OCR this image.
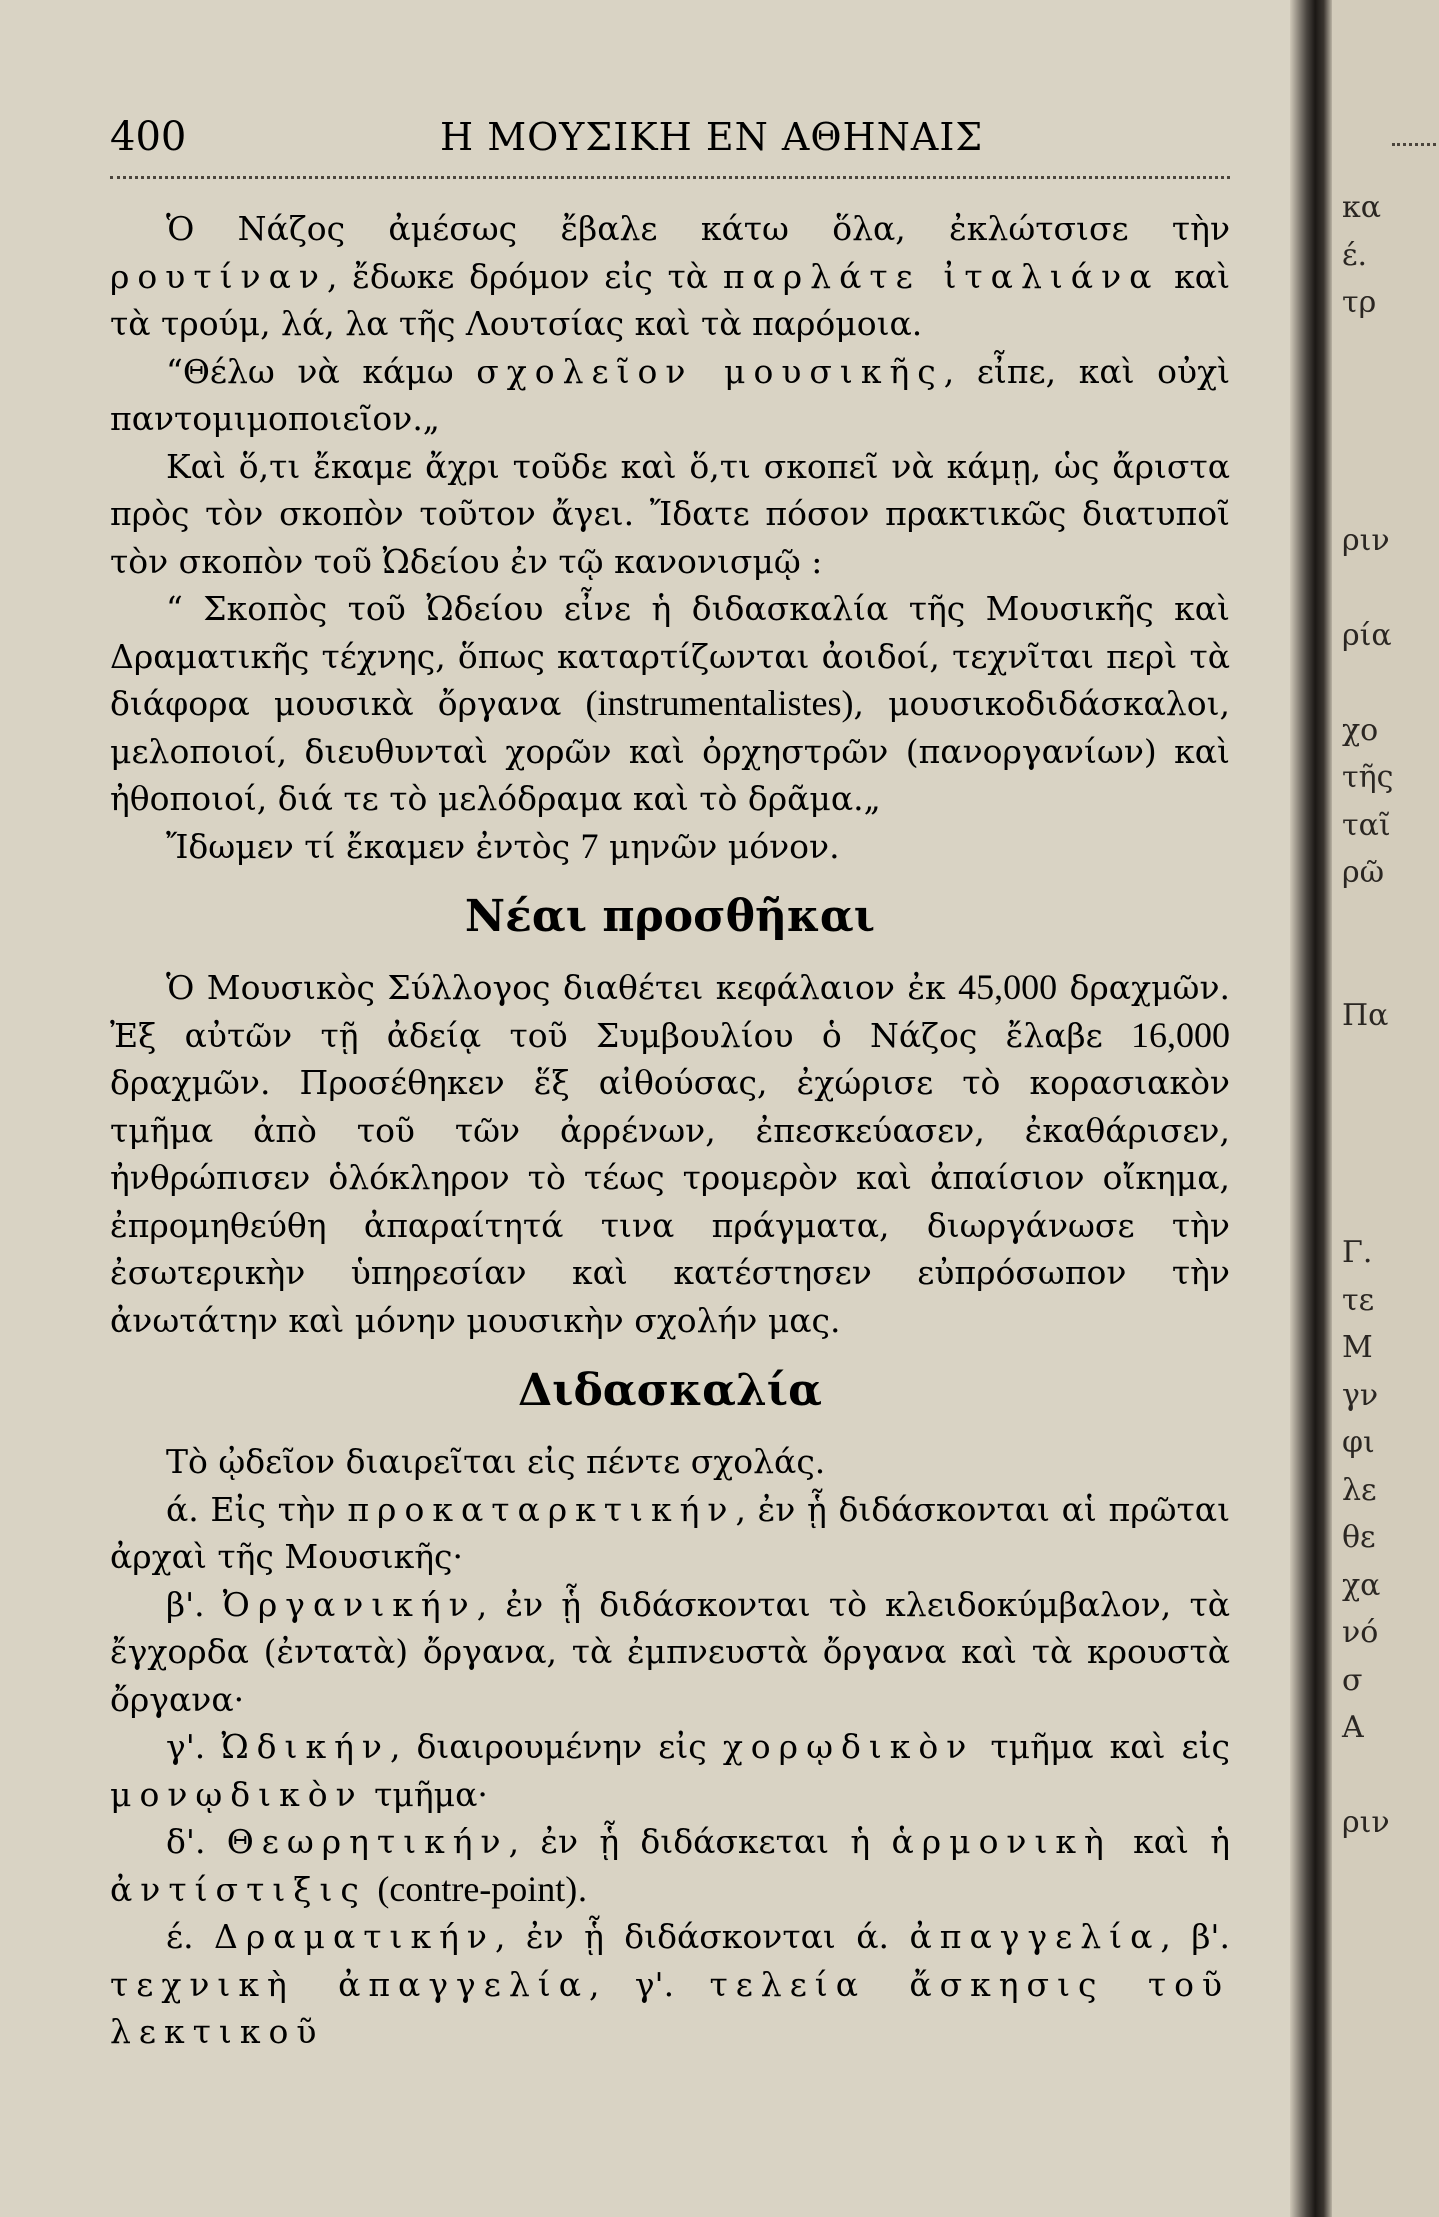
400	Η ΜΟΥΣΙΚΗ ΕΝ ΑΘΗΝΑΙΣ

Ὁ Νάζος ἀμέσως ἔβαλε κάτω ὅλα, ἐκλώτσισε τὴν ρουτίναν, ἔδωκε δρόμον εἰς τὰ παρλάτε ἰταλιάνα καὶ τὰ τρούμ, λά, λα τῆς Λουτσίας καὶ τὰ παρόμοια.

“Θέλω νὰ κάμω σχολεῖον μουσικῆς, εἶπε, καὶ οὐχὶ παντομιμοποιεῖον.„

Καὶ ὅ,τι ἔκαμε ἄχρι τοῦδε καὶ ὅ,τι σκοπεῖ νὰ κάμῃ, ὡς ἄριστα πρὸς τὸν σκοπὸν τοῦτον ἄγει. Ἴδατε πόσον πρακτικῶς διατυποῖ τὸν σκοπὸν τοῦ Ὠδείου ἐν τῷ κανονισμῷ :

“ Σκοπὸς τοῦ Ὠδείου εἶνε ἡ διδασκαλία τῆς Μουσικῆς καὶ Δραματικῆς τέχνης, ὅπως καταρτίζωνται ἀοιδοί, τεχνῖται περὶ τὰ διάφορα μουσικὰ ὄργανα (instrumentalistes), μουσικοδιδάσκαλοι, μελοποιοί, διευθυνταὶ χορῶν καὶ ὀρχηστρῶν (πανοργανίων) καὶ ἠθοποιοί, διά τε τὸ μελόδραμα καὶ τὸ δρᾶμα.„

Ἴδωμεν τί ἔκαμεν ἐντὸς 7 μηνῶν μόνον.

Νέαι προσθῆκαι

Ὁ Μουσικὸς Σύλλογος διαθέτει κεφάλαιον ἐκ 45,000 δραχμῶν. Ἐξ αὐτῶν τῇ ἀδείᾳ τοῦ Συμβουλίου ὁ Νάζος ἔλαβε 16,000 δραχμῶν. Προσέθηκεν ἕξ αἰθούσας, ἐχώρισε τὸ κορασιακὸν τμῆμα ἀπὸ τοῦ τῶν ἀρρένων, ἐπεσκεύασεν, ἐκαθάρισεν, ἠνθρώπισεν ὁλόκληρον τὸ τέως τρομερὸν καὶ ἀπαίσιον οἴκημα, ἐπρομηθεύθη ἀπαραίτητά τινα πράγματα, διωργάνωσε τὴν ἐσωτερικὴν ὑπηρεσίαν καὶ κατέστησεν εὐπρόσωπον τὴν ἀνωτάτην καὶ μόνην μουσικὴν σχολήν μας.

Διδασκαλία

Τὸ ᾠδεῖον διαιρεῖται εἰς πέντε σχολάς.

ά. Εἰς τὴν προκαταρκτικήν, ἐν ᾗ διδάσκονται αἱ πρῶται ἀρχαὶ τῆς Μουσικῆς·

β'. Ὀργανικήν, ἐν ᾗ διδάσκονται τὸ κλειδοκύμβαλον, τὰ ἔγχορδα (ἐντατὰ) ὄργανα, τὰ ἐμπνευστὰ ὄργανα καὶ τὰ κρουστὰ ὄργανα·

γ'. Ὠδικήν, διαιρουμένην εἰς χορῳδικὸν τμῆμα καὶ εἰς μονῳδικὸν τμῆμα·

δ'. Θεωρητικήν, ἐν ᾗ διδάσκεται ἡ ἁρμονικὴ καὶ ἡ ἀντίστιξις (contre-point).

έ. Δραματικήν, ἐν ᾗ διδάσκονται ά. ἀπαγγελία, β'. τεχνικὴ ἀπαγγελία, γ'. τελεία ἄσκησις τοῦ λεκτικοῦ

κα
έ.
τρ
ριν
ρία
χο
τῆς
ταῖ
ρῶ
Πα
Γ.
τε
Μ
γν
φι
λε
θε
χα
νό
σ
Α
ριν
